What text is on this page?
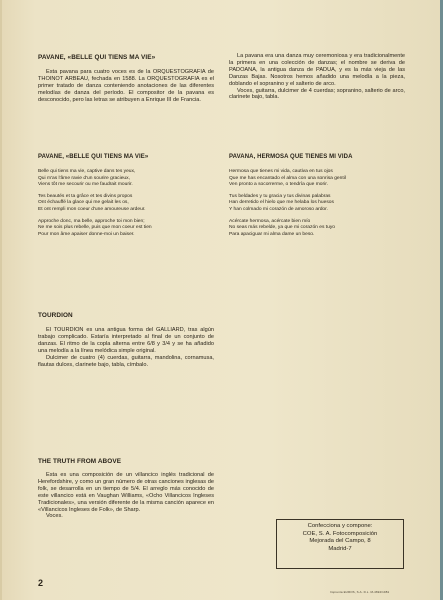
PAVANE, «BELLE QUI TIENS MA VIE»

Esta pavana para cuatro voces es de la ORQUESTOGRAFIA de THOINOT ARBEAU, fechada en 1588. La ORQUESTOGRAFIA es el primer tratado de danza conteniendo anotaciones de las diferentes melodías de danza del período. El compositor de la pavana es desconocido, pero las letras se atribuyen a Enrique III de Francia.

PAVANE, «BELLE QUI TIENS MA VIE»
Belle qui tiens ma vie, captive dans tes yeux,
Qui m'as l'âme ravie d'un sourire gracieux,
Viens tôt me secourir ou me faudrait mourir.
Tes beautés et ta grâce et tes divins propos
Ont échauffé la glace qui me gelait les os,
Et ont rempli mon coeur d'une amoureuse ardeur.
Approche donc, ma belle, approche toi mon bien;
Ne me sois plus rebelle, puis que mon coeur est tien
Pour mon âme apaiser donne-moi un baiser.
TOURDION

El TOURDION es una antigua forma del GALLIARD, tras algún trabajo complicado. Estaría interpretado al final de un conjunto de danzas. El ritmo de la copla alterna entre 6/8 y 3/4 y se ha añadido una melodía a la línea melódica simple original.

Dulcimer de cuatro (4) cuerdas, guitarra, mandolina, cornamusa, flautas dulces, clarinete bajo, tabla, címbalo.

THE TRUTH FROM ABOVE

Esta es una composición de un villancico inglés tradicional de Herefordshire, y como un gran número de otras canciones inglesas de folk, se desarrolla en un tiempo de 5/4. El arreglo más conocido de este villancico está en Vaughan Williams, «Ocho Villancicos Ingleses Tradicionales», una versión diferente de la misma canción aparece en «Villancicos Ingleses de Folk», de Sharp.

Voces.

La pavana era una danza muy ceremoniosa y era tradicionalmente la primera en una colección de danzas; el nombre se deriva de PADOANA, la antigua danza de PADUA, y es la más vieja de las Danzas Bajas. Nosotros hemos añadido una melodía a la pieza, doblando el sopranino y el salterio de arco.

Voces, guitarra, dulcimer de 4 cuerdas; sopranino, salterio de arco, clarinete bajo, tabla.

PAVANA, HERMOSA QUE TIENES MI VIDA
Hermosa que tienes mi vida, cautiva en tus ojos
Que me has encantado el alma con una sonrisa gentil
Ven pronto a socorrerme, o tendría que morir.
Tus beldades y tu gracia y tus divinas palabras
Han derretido el hielo que me helaba los huesos
Y han colmado mi corazón de amoroso ardor.
Acércate hermosa, acércate bien mío
No seas más rebelde, ya que mi corazón es tuyo
Para apaciguar mi alma dame un beso.
Confecciona y compone:
COE, S. A. Fotocomposición
Mejorada del Campo, 8
Madrid-7
2
Imprenta EUROS, S.A. D.L. M-4692/1981
